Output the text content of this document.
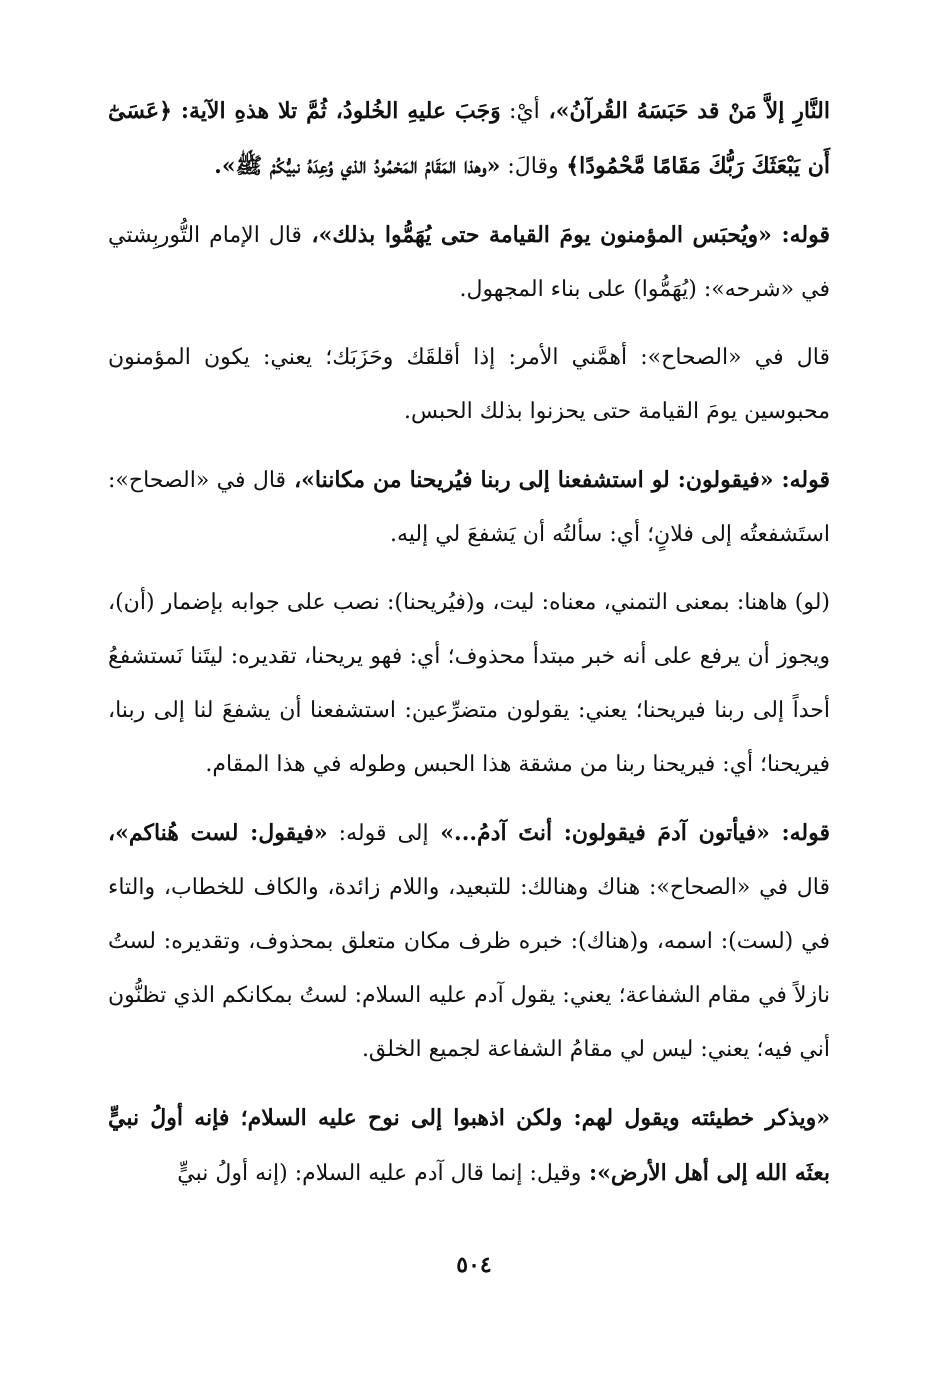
النَّارِ إلاَّ مَنْ قد حَبَسَهُ القُرآنُ»، أيْ: وَجَبَ عليهِ الخُلودُ، ثُمَّ تلا هذهِ الآية: ﴿عَسَىٰٓ أَن يَبْعَثَكَ رَبُّكَ مَقَامًا مَّحْمُودًا﴾ وقالَ: «وهذا المَقَامُ المَحْمُودُ الذي وُعِدَهُ نبيُّكُمْ ﷺ».

قوله: «ويُحبَس المؤمنون يومَ القيامة حتى يُهَمُّوا بذلك»، قال الإمام التُّوربِشتي في «شرحه»: (يُهَمُّوا) على بناء المجهول.

قال في «الصحاح»: أهمَّني الأمر: إذا أقلقَك وحَزَبَك؛ يعني: يكون المؤمنون محبوسين يومَ القيامة حتى يحزنوا بذلك الحبس.

قوله: «فيقولون: لو استشفعنا إلى ربنا فيُريحنا من مكاننا»، قال في «الصحاح»: استَشفعتُه إلى فلانٍ؛ أي: سألتُه أن يَشفعَ لي إليه.

(لو) هاهنا: بمعنى التمني، معناه: ليت، و(فيُريحنا): نصب على جوابه بإضمار (أن)، ويجوز أن يرفع على أنه خبر مبتدأ محذوف؛ أي: فهو يريحنا، تقديره: ليتَنا نَستشفعُ أحداً إلى ربنا فيريحنا؛ يعني: يقولون متضرِّعين: استشفعنا أن يشفعَ لنا إلى ربنا، فيريحنا؛ أي: فيريحنا ربنا من مشقة هذا الحبس وطوله في هذا المقام.

قوله: «فيأتون آدمَ فيقولون: أنتَ آدمُ...» إلى قوله: «فيقول: لست هُناكم»، قال في «الصحاح»: هناك وهنالك: للتبعيد، واللام زائدة، والكاف للخطاب، والتاء في (لست): اسمه، و(هناك): خبره ظرف مكان متعلق بمحذوف، وتقديره: لستُ نازلاً في مقام الشفاعة؛ يعني: يقول آدم عليه السلام: لستُ بمكانكم الذي تظنُّون أني فيه؛ يعني: ليس لي مقامُ الشفاعة لجميع الخلق.

«ويذكر خطيئته ويقول لهم: ولكن اذهبوا إلى نوح عليه السلام؛ فإنه أولُ نبيٍّ بعثَه الله إلى أهل الأرض»: وقيل: إنما قال آدم عليه السلام: (إنه أولُ نبيٍّ

٥٠٤
